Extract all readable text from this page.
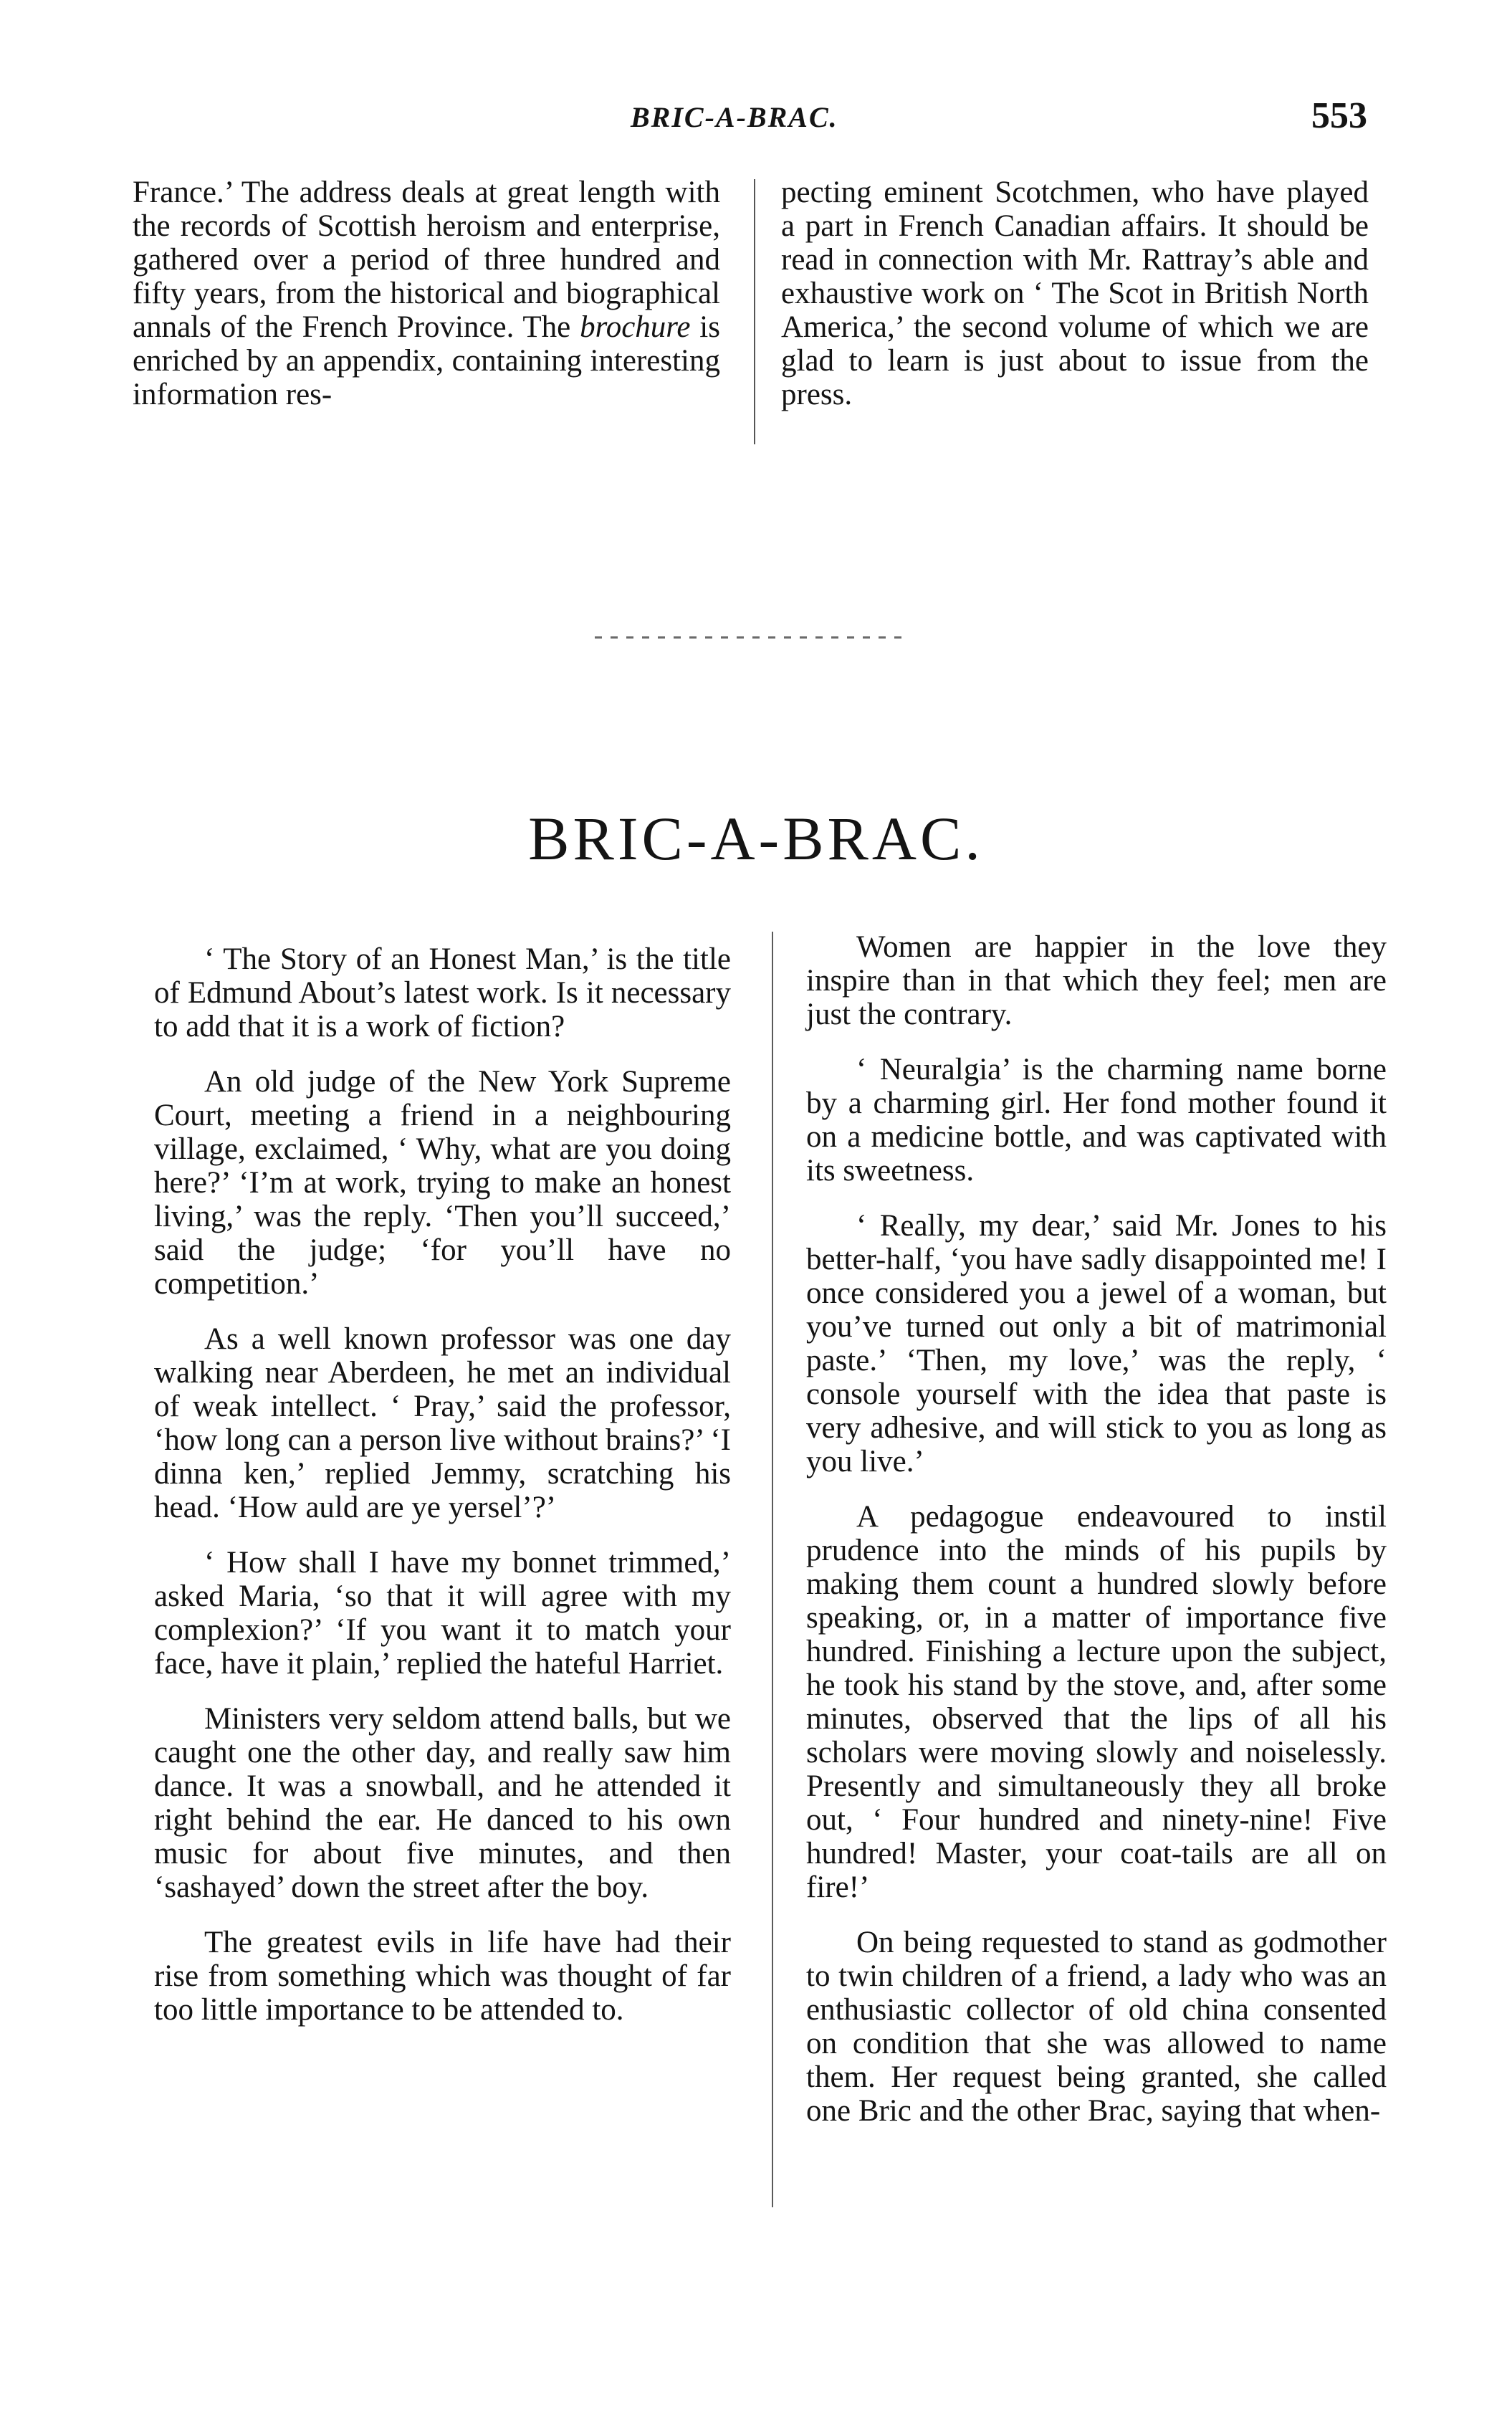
BRIC-A-BRAC.	553

France.’ The address deals at great length with the records of Scottish heroism and enterprise, gathered over a period of three hundred and fifty years, from the historical and biographical annals of the French Province. The brochure is enriched by an appendix, containing interesting information res-

pecting eminent Scotchmen, who have played a part in French Canadian affairs. It should be read in connection with Mr. Rattray’s able and exhaustive work on ‘ The Scot in British North America,’ the second volume of which we are glad to learn is just about to issue from the press.

BRIC-A-BRAC.

‘ The Story of an Honest Man,’ is the title of Edmund About’s latest work. Is it necessary to add that it is a work of fiction?

An old judge of the New York Supreme Court, meeting a friend in a neighbouring village, exclaimed, ‘ Why, what are you doing here?’ ‘I’m at work, trying to make an honest living,’ was the reply. ‘Then you’ll succeed,’ said the judge; ‘for you’ll have no competition.’

As a well known professor was one day walking near Aberdeen, he met an individual of weak intellect. ‘ Pray,’ said the professor, ‘how long can a person live without brains?’ ‘I dinna ken,’ replied Jemmy, scratching his head. ‘How auld are ye yersel’?’

‘ How shall I have my bonnet trimmed,’ asked Maria, ‘so that it will agree with my complexion?’ ‘If you want it to match your face, have it plain,’ replied the hateful Harriet.

Ministers very seldom attend balls, but we caught one the other day, and really saw him dance. It was a snowball, and he attended it right behind the ear. He danced to his own music for about five minutes, and then ‘sashayed’ down the street after the boy.

The greatest evils in life have had their rise from something which was thought of far too little importance to be attended to.

Women are happier in the love they inspire than in that which they feel; men are just the contrary.

‘ Neuralgia’ is the charming name borne by a charming girl. Her fond mother found it on a medicine bottle, and was captivated with its sweetness.

‘ Really, my dear,’ said Mr. Jones to his better-half, ‘you have sadly disappointed me! I once considered you a jewel of a woman, but you’ve turned out only a bit of matrimonial paste.’ ‘Then, my love,’ was the reply, ‘ console yourself with the idea that paste is very adhesive, and will stick to you as long as you live.’

A pedagogue endeavoured to instil prudence into the minds of his pupils by making them count a hundred slowly before speaking, or, in a matter of importance five hundred. Finishing a lecture upon the subject, he took his stand by the stove, and, after some minutes, observed that the lips of all his scholars were moving slowly and noiselessly. Presently and simultaneously they all broke out, ‘ Four hundred and ninety-nine! Five hundred! Master, your coat-tails are all on fire!’

On being requested to stand as godmother to twin children of a friend, a lady who was an enthusiastic collector of old china consented on condition that she was allowed to name them. Her request being granted, she called one Bric and the other Brac, saying that when-
